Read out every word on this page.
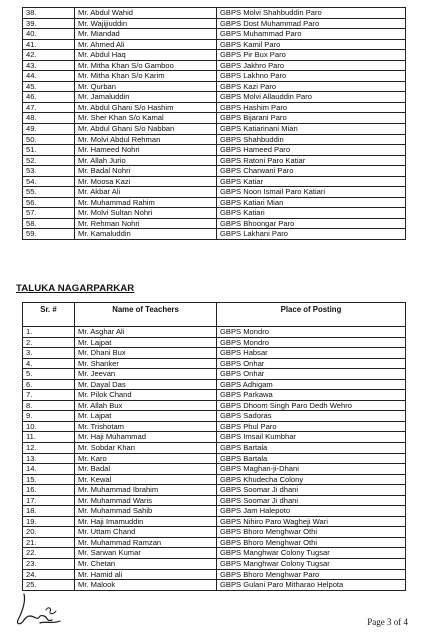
38.	Mr. Abdul Wahid	GBPS Molvi Shahbuddin Paro
39.	Mr. Wajijiuddin	GBPS Dost Muhammad Paro
40.	Mr. Miandad	GBPS Muhammad Paro
41.	Mr. Ahmed Ali	GBPS Kamil Paro
42.	Mr. Abdul Haq	GBPS Pir Bux Paro
43.	Mr. Mitha Khan S/o Gamboo	GBPS Jakhro Paro
44.	Mr. Mitha Khan S/o Karim	GBPS Lakhno Paro
45.	Mr. Qurban	GBPS Kazi Paro
46.	Mr. Jamaluddin	GBPS Molvi Allauddin Paro
47.	Mr. Abdul Ghani S/o Hashim	GBPS Hashim Paro
48.	Mr. Sher Khan S/o Kamal	GBPS Bijarani Paro
49.	Mr. Abdul Ghani S/o Nabban	GBPS Katiarinani Mian
50.	Mr. Molvi Abdul Rehman	GBPS Shahbuddin
51.	Mr. Hameed Nohri	GBPS Hameed Paro
52.	Mr. Allah Jurio	GBPS Ratoni Paro Katiar
53.	Mr. Badal Nohri	GBPS Charwani Paro
54.	Mr. Moosa Kazi	GBPS Katiar
55.	Mr. Akbar Ali	GBPS Noon Ismail Paro Katiari
56.	Mr. Muhammad Rahim	GBPS Katiari Mian
57.	Mr. Molvi Sultan Nohri	GBPS Katiari
58.	Mr. Rehman Nohri	GBPS Bhoongar Paro
59.	Mr. Kamaluddin	GBPS Lakhani Paro
TALUKA NAGARPARKAR
Sr. #	Name of Teachers	Place of Posting
1.	Mr. Asghar Ali	GBPS Mondro
2.	Mr. Lajpat	GBPS Mondro
3.	Mr. Dhani Bux	GBPS Habsar
4.	Mr. Shanker	GBPS Onhar
5.	Mr. Jeevan	GBPS Onhar
6.	Mr. Dayal Das	GBPS Adhigam
7.	Mr. Pilok Chand	GBPS Parkawa
8.	Mr. Allah Bux	GBPS Dhoom Singh Paro Dedh Wehro
9.	Mr. Lajpat	GBPS Sadoras
10.	Mr. Trishotam	GBPS Phul Paro
11.	Mr. Haji Muhammad	GBPS Imsail Kumbhar
12.	Mr. Sobdar Khan	GBPS Bartala
13.	Mr. Karo	GBPS Bartala
14.	Mr. Badal	GBPS Maghan-ji-Dhani
15.	Mr. Kewal	GBPS Khudecha Colony
16.	Mr. Muhammad Ibrahim	GBPS Soomar Ji dhani
17.	Mr. Muhammad Waris	GBPS Soomar Ji dhani
18.	Mr. Muhammad Sahib	GBPS Jam Halepoto
19.	Mr. Haji Imamuddin	GBPS Nihiro Paro Wagheji Wari
20.	Mr. Uttam Chand	GBPS Bhoro Menghwar Othi
21.	Mr. Muhammad Ramzan	GBPS Bhoro Menghwar Othi
22.	Mr. Sarwan Kumar	GBPS Manghwar Colony Tugsar
23.	Mr. Chetan	GBPS Manghwar Colony Tugsar
24.	Mr. Hamid ali	GBPS Bhoro Menghwar Paro
25.	Mr. Malook	GBPS Gulani Paro Mitharao Helpota
Page 3 of 4
